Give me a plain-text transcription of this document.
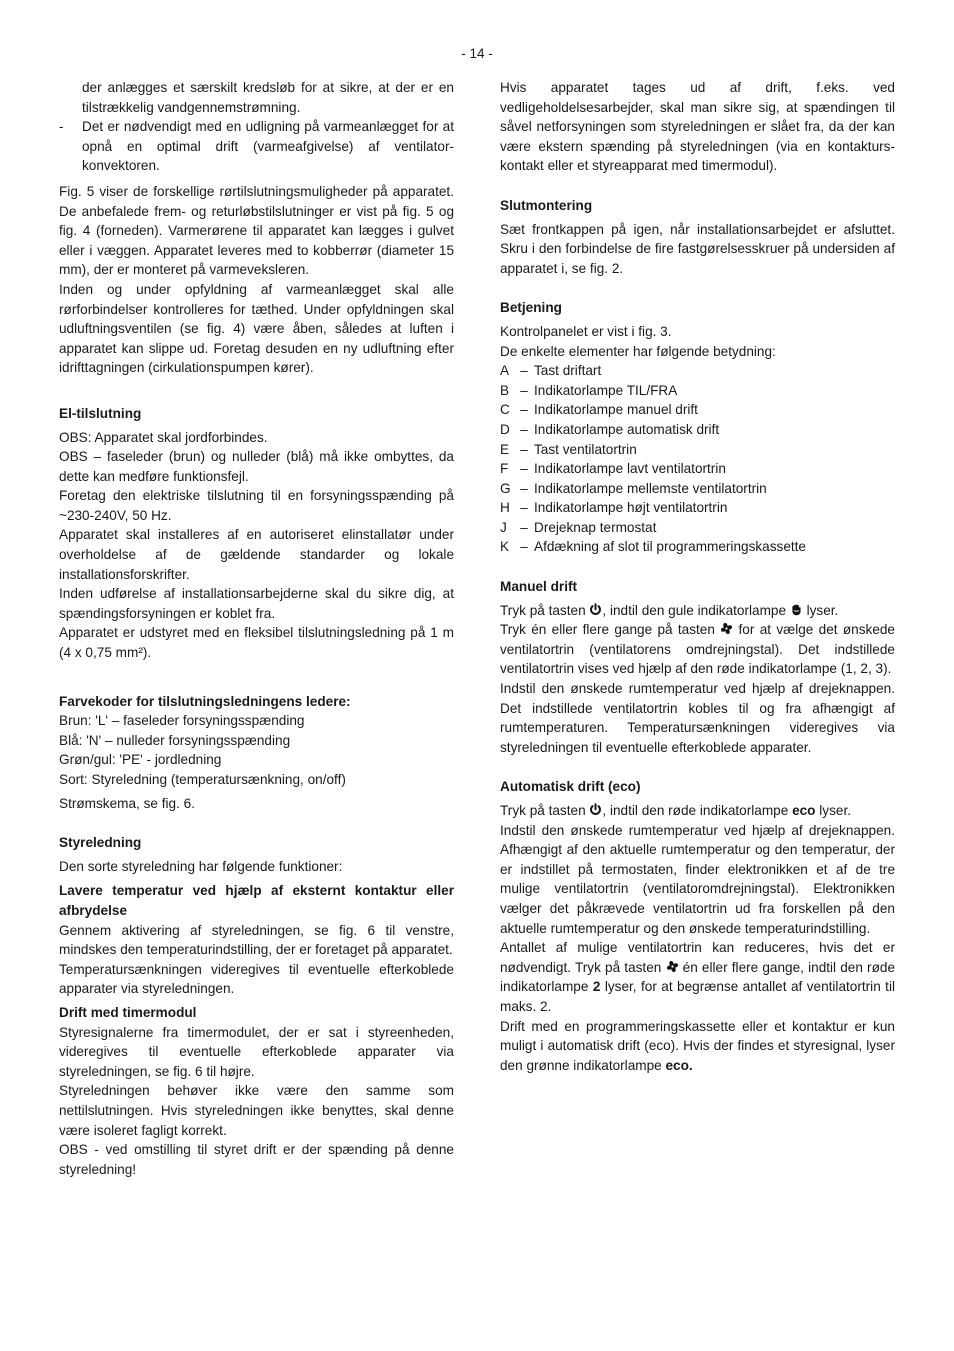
- 14 -

der anlægges et særskilt kredsløb for at sikre, at der er en tilstrækkelig vandgennemstrømning.

-	Det er nødvendigt med en udligning på varmeanlægget for at opnå en optimal drift (varmeafgivelse) af ventilator-konvektoren.

Fig. 5 viser de forskellige rørtilslutningsmuligheder på apparatet. De anbefalede frem- og returløbstilslutninger er vist på fig. 5 og fig. 4 (forneden). Varmerørene til apparatet kan lægges i gulvet eller i væggen. Apparatet leveres med to kobberrør (diameter 15 mm), der er monteret på varmeveksleren.

Inden og under opfyldning af varmeanlægget skal alle rørforbindelser kontrolleres for tæthed. Under opfyldningen skal udluftningsventilen (se fig. 4) være åben, således at luften i apparatet kan slippe ud. Foretag desuden en ny udluftning efter idrifttagningen (cirkulationspumpen kører).

El-tilslutning

OBS: Apparatet skal jordforbindes.

OBS – faseleder (brun) og nulleder (blå) må ikke ombyttes, da dette kan medføre funktionsfejl.

Foretag den elektriske tilslutning til en forsyningsspænding på ~230-240V, 50 Hz.

Apparatet skal installeres af en autoriseret elinstallatør under overholdelse af de gældende standarder og lokale installationsforskrifter.

Inden udførelse af installationsarbejderne skal du sikre dig, at spændingsforsyningen er koblet fra.

Apparatet er udstyret med en fleksibel tilslutningsledning på 1 m (4 x 0,75 mm²).

Farvekoder for tilslutningsledningens ledere:

Brun: 'L' – faseleder forsyningsspænding

Blå: 'N' – nulleder forsyningsspænding

Grøn/gul: 'PE' - jordledning

Sort: Styreledning (temperatursænkning, on/off)

Strømskema, se fig. 6.

Styreledning

Den sorte styreledning har følgende funktioner:

Lavere temperatur ved hjælp af eksternt kontaktur eller afbrydelse

Gennem aktivering af styreledningen, se fig. 6 til venstre, mindskes den temperaturindstilling, der er foretaget på apparatet.

Temperatursænkningen videregives til eventuelle efterkoblede apparater via styreledningen.

Drift med timermodul

Styresignalerne fra timermodulet, der er sat i styreenheden, videregives til eventuelle efterkoblede apparater via styreledningen, se fig. 6 til højre.

Styreledningen behøver ikke være den samme som nettilslutningen. Hvis styreledningen ikke benyttes, skal denne være isoleret fagligt korrekt.

OBS - ved omstilling til styret drift er der spænding på denne styreledning!

Hvis apparatet tages ud af drift, f.eks. ved vedligeholdelsesarbejder, skal man sikre sig, at spændingen til såvel netforsyningen som styreledningen er slået fra, da der kan være ekstern spænding på styreledningen (via en kontakturs-kontakt eller et styreapparat med timermodul).

Slutmontering

Sæt frontkappen på igen, når installationsarbejdet er afsluttet. Skru i den forbindelse de fire fastgørelsesskruer på undersiden af apparatet i, se fig. 2.

Betjening

Kontrolpanelet er vist i fig. 3.

De enkelte elementer har følgende betydning:

A – Tast driftart
B – Indikatorlampe TIL/FRA
C – Indikatorlampe manuel drift
D – Indikatorlampe automatisk drift
E – Tast ventilatortrin
F – Indikatorlampe lavt ventilatortrin
G – Indikatorlampe mellemste ventilatortrin
H – Indikatorlampe højt ventilatortrin
J – Drejeknap termostat
K – Afdækning af slot til programmeringskassette

Manuel drift

Tryk på tasten
, indtil den gule indikatorlampe
lyser.

Tryk én eller flere gange på tasten
for at vælge det ønskede ventilatortrin (ventilatorens omdrejningstal). Det indstillede ventilatortrin vises ved hjælp af den røde indikatorlampe (1, 2, 3).

Indstil den ønskede rumtemperatur ved hjælp af drejeknappen. Det indstillede ventilatortrin kobles til og fra afhængigt af rumtemperaturen. Temperatursænkningen videregives via styreledningen til eventuelle efterkoblede apparater.

Automatisk drift (eco)

Tryk på tasten
, indtil den røde indikatorlampe eco lyser.

Indstil den ønskede rumtemperatur ved hjælp af drejeknappen. Afhængigt af den aktuelle rumtemperatur og den temperatur, der er indstillet på termostaten, finder elektronikken et af de tre mulige ventilatortrin (ventilatoromdrejningstal). Elektronikken vælger det påkrævede ventilatortrin ud fra forskellen på den aktuelle rumtemperatur og den ønskede temperaturindstilling.

Antallet af mulige ventilatortrin kan reduceres, hvis det er nødvendigt. Tryk på tasten
én eller flere gange, indtil den røde indikatorlampe 2 lyser, for at begrænse antallet af ventilatortrin til maks. 2.

Drift med en programmeringskassette eller et kontaktur er kun muligt i automatisk drift (eco). Hvis der findes et styresignal, lyser den grønne indikatorlampe eco.
